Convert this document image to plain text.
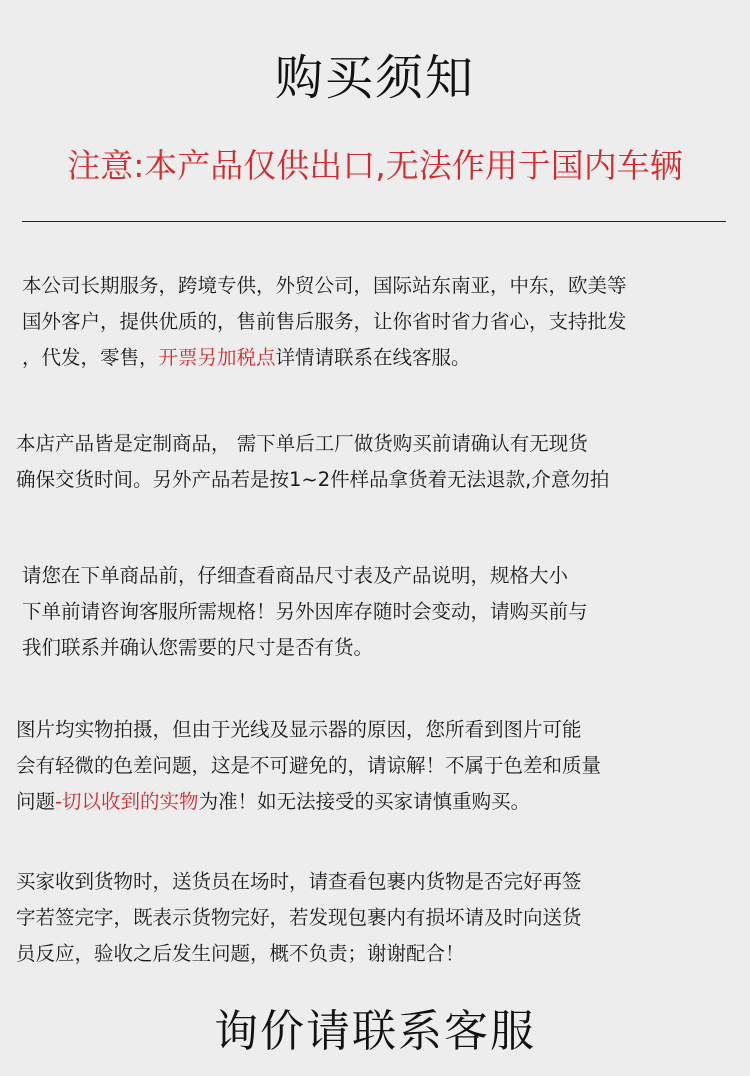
购买须知
注意:本产品仅供出口,无法作用于国内车辆
本公司长期服务，跨境专供，外贸公司，国际站东南亚，中东，欧美等
国外客户，提供优质的，售前售后服务，让你省时省力省心，支持批发
，代发，零售，开票另加税点详情请联系在线客服。
本店产品皆是定制商品， 需下单后工厂做货购买前请确认有无现货
确保交货时间。另外产品若是按1~2件样品拿货着无法退款,介意勿拍
请您在下单商品前，仔细查看商品尺寸表及产品说明，规格大小
下单前请咨询客服所需规格！另外因库存随时会变动，请购买前与
我们联系并确认您需要的尺寸是否有货。
图片均实物拍摄，但由于光线及显示器的原因，您所看到图片可能
会有轻微的色差问题，这是不可避免的，请谅解！不属于色差和质量
问题-切以收到的实物为准！如无法接受的买家请慎重购买。
买家收到货物时，送货员在场时，请查看包裹内货物是否完好再签
字若签完字，既表示货物完好，若发现包裹内有损坏请及时向送货
员反应，验收之后发生问题，概不负责；谢谢配合！
询价请联系客服
